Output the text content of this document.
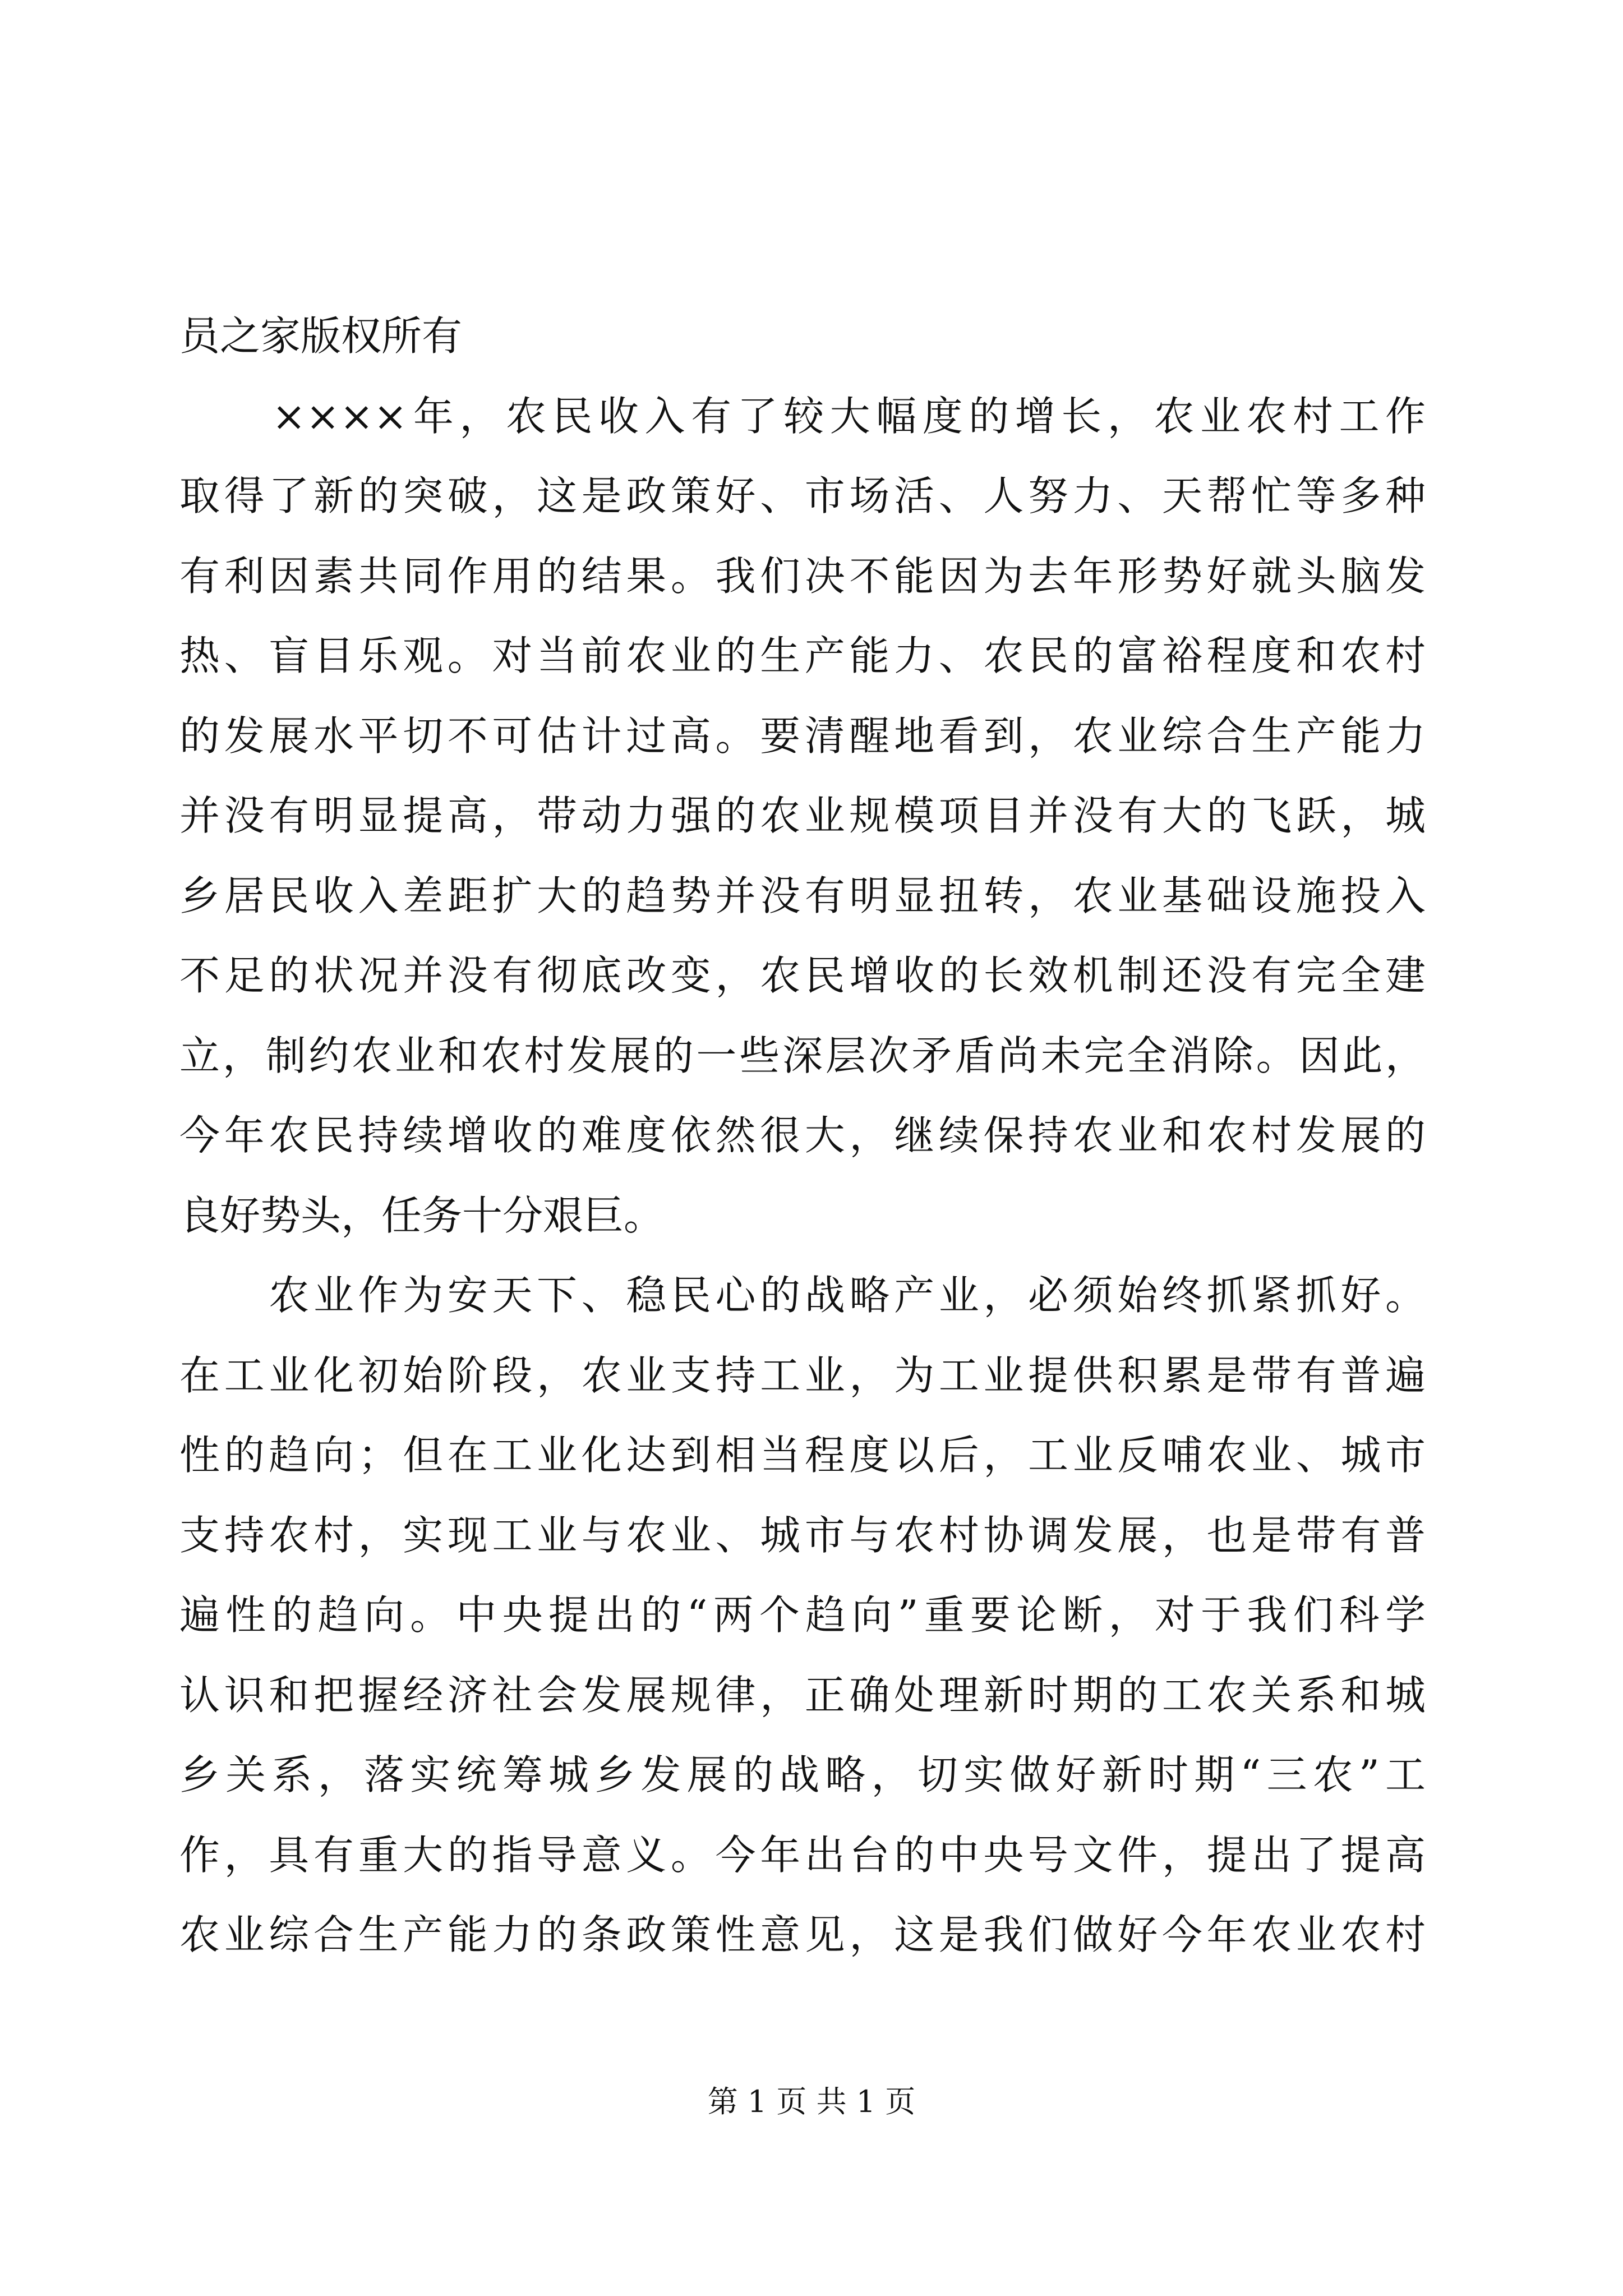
员之家版权所有
　　××××年，农民收入有了较大幅度的增长，农业农村工作
取得了新的突破，这是政策好、市场活、人努力、天帮忙等多种
有利因素共同作用的结果。我们决不能因为去年形势好就头脑发
热、盲目乐观。对当前农业的生产能力、农民的富裕程度和农村
的发展水平切不可估计过高。要清醒地看到，农业综合生产能力
并没有明显提高，带动力强的农业规模项目并没有大的飞跃，城
乡居民收入差距扩大的趋势并没有明显扭转，农业基础设施投入
不足的状况并没有彻底改变，农民增收的长效机制还没有完全建
立，制约农业和农村发展的一些深层次矛盾尚未完全消除。因此，
今年农民持续增收的难度依然很大，继续保持农业和农村发展的
良好势头，任务十分艰巨。
　　农业作为安天下、稳民心的战略产业，必须始终抓紧抓好。
在工业化初始阶段，农业支持工业，为工业提供积累是带有普遍
性的趋向；但在工业化达到相当程度以后，工业反哺农业、城市
支持农村，实现工业与农业、城市与农村协调发展，也是带有普
遍性的趋向。中央提出的“两个趋向”重要论断，对于我们科学
认识和把握经济社会发展规律，正确处理新时期的工农关系和城
乡关系，落实统筹城乡发展的战略，切实做好新时期“三农”工
作，具有重大的指导意义。今年出台的中央号文件，提出了提高
农业综合生产能力的条政策性意见，这是我们做好今年农业农村
第 1 页 共 1 页
